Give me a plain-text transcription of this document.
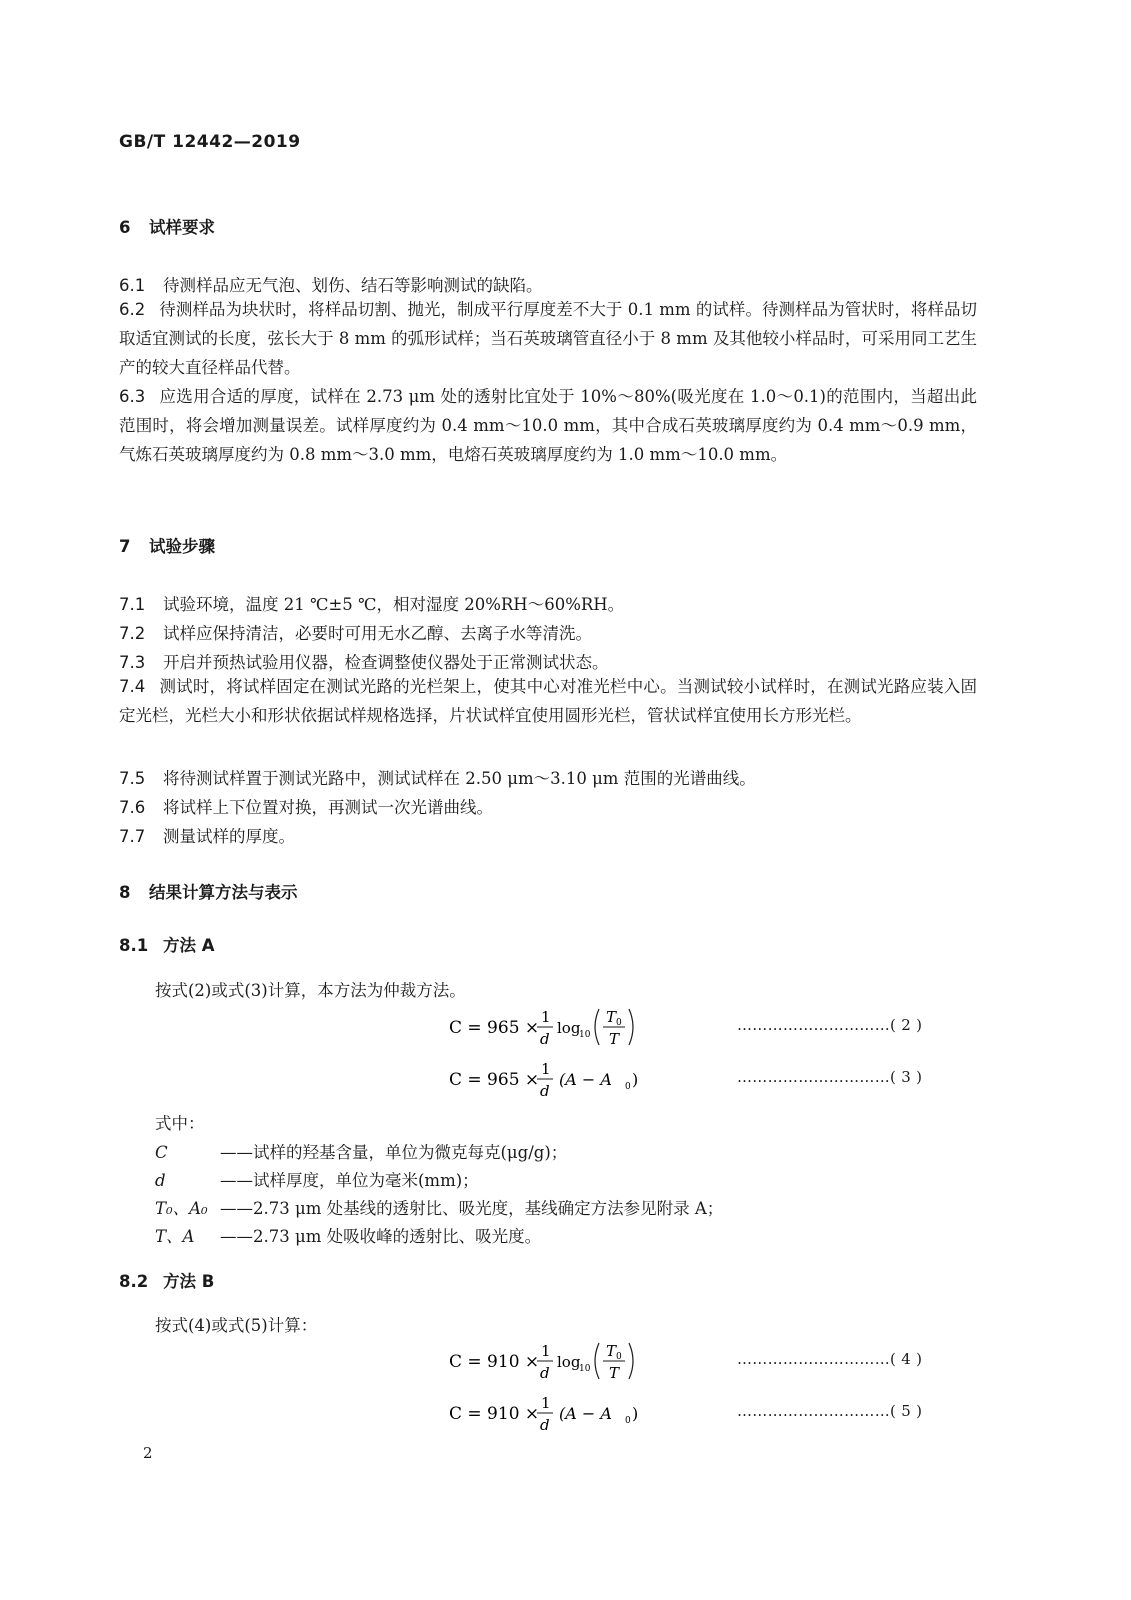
GB/T 12442—2019
6 试样要求
6.1 待测样品应无气泡、划伤、结石等影响测试的缺陷。
6.2 待测样品为块状时，将样品切割、抛光，制成平行厚度差不大于 0.1 mm 的试样。待测样品为管状时，将样品切取适宜测试的长度，弦长大于 8 mm 的弧形试样；当石英玻璃管直径小于 8 mm 及其他较小样品时，可采用同工艺生产的较大直径样品代替。
6.3 应选用合适的厚度，试样在 2.73 μm 处的透射比宜处于 10%～80%(吸光度在 1.0～0.1)的范围内，当超出此范围时，将会增加测量误差。试样厚度约为 0.4 mm～10.0 mm，其中合成石英玻璃厚度约为 0.4 mm～0.9 mm，气炼石英玻璃厚度约为 0.8 mm～3.0 mm，电熔石英玻璃厚度约为 1.0 mm～10.0 mm。
7 试验步骤
7.1 试验环境，温度 21 ℃±5 ℃，相对湿度 20%RH～60%RH。
7.2 试样应保持清洁，必要时可用无水乙醇、去离子水等清洗。
7.3 开启并预热试验用仪器，检查调整使仪器处于正常测试状态。
7.4 测试时，将试样固定在测试光路的光栏架上，使其中心对准光栏中心。当测试较小试样时，在测试光路应装入固定光栏，光栏大小和形状依据试样规格选择，片状试样宜使用圆形光栏，管状试样宜使用长方形光栏。
7.5 将待测试样置于测试光路中，测试试样在 2.50 μm～3.10 μm 范围的光谱曲线。
7.6 将试样上下位置对换，再测试一次光谱曲线。
7.7 测量试样的厚度。
8 结果计算方法与表示
8.1 方法 A
按式(2)或式(3)计算，本方法为仲裁方法。
C = 965 ×
1
d
log
10
T 0
T
…………………………( 2 )
C = 965 ×
1
d
(A − A 0 )	…………………………( 3 )
式中：
C	——试样的羟基含量，单位为微克每克(μg/g)；
d	——试样厚度，单位为毫米(mm)；
T₀、A₀ ——2.73 μm 处基线的透射比、吸光度，基线确定方法参见附录 A；
T、A ——2.73 μm 处吸收峰的透射比、吸光度。
8.2 方法 B
按式(4)或式(5)计算：
C = 910 ×
1
d
log
10
T 0
T
…………………………( 4 )
C = 910 ×
1
d
(A − A 0 )	…………………………( 5 )
2
